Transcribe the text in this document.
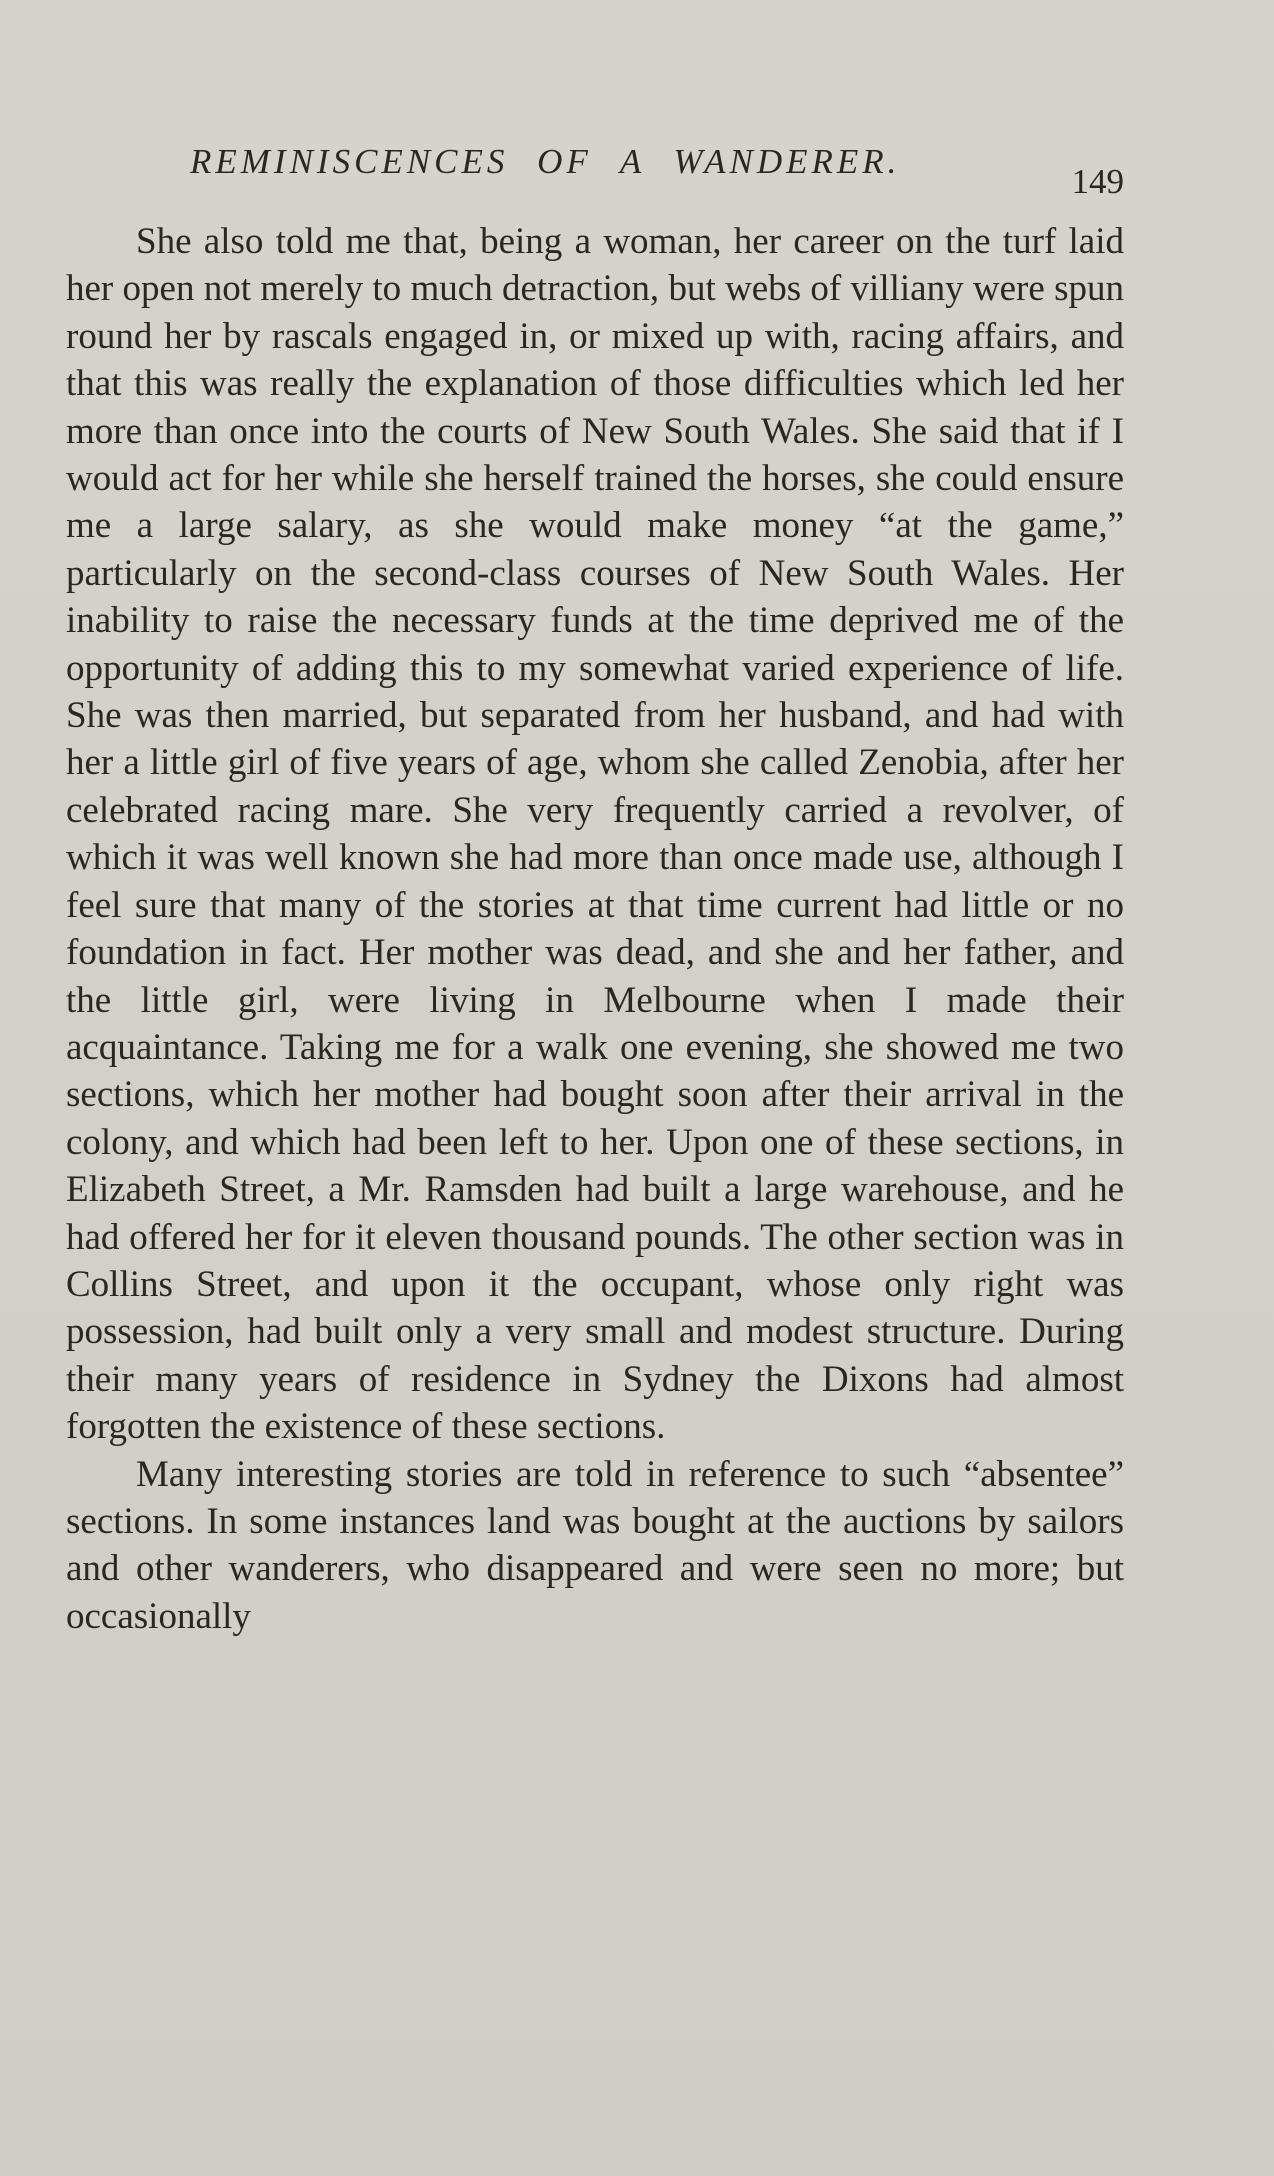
REMINISCENCES OF A WANDERER.
149

She also told me that, being a woman, her career on the turf laid her open not merely to much detraction, but webs of villiany were spun round her by rascals engaged in, or mixed up with, racing affairs, and that this was really the explanation of those difficulties which led her more than once into the courts of New South Wales. She said that if I would act for her while she herself trained the horses, she could ensure me a large salary, as she would make money “at the game,” particularly on the second-class courses of New South Wales. Her inability to raise the necessary funds at the time deprived me of the opportunity of adding this to my somewhat varied experience of life. She was then married, but separated from her husband, and had with her a little girl of five years of age, whom she called Zenobia, after her celebrated racing mare. She very frequently carried a revolver, of which it was well known she had more than once made use, although I feel sure that many of the stories at that time current had little or no foundation in fact. Her mother was dead, and she and her father, and the little girl, were living in Melbourne when I made their acquaintance. Taking me for a walk one evening, she showed me two sections, which her mother had bought soon after their arrival in the colony, and which had been left to her. Upon one of these sections, in Elizabeth Street, a Mr. Ramsden had built a large warehouse, and he had offered her for it eleven thousand pounds. The other section was in Collins Street, and upon it the occupant, whose only right was possession, had built only a very small and modest structure. During their many years of residence in Sydney the Dixons had almost forgotten the existence of these sections.

Many interesting stories are told in reference to such “absentee” sections. In some instances land was bought at the auctions by sailors and other wanderers, who disappeared and were seen no more; but occasionally
